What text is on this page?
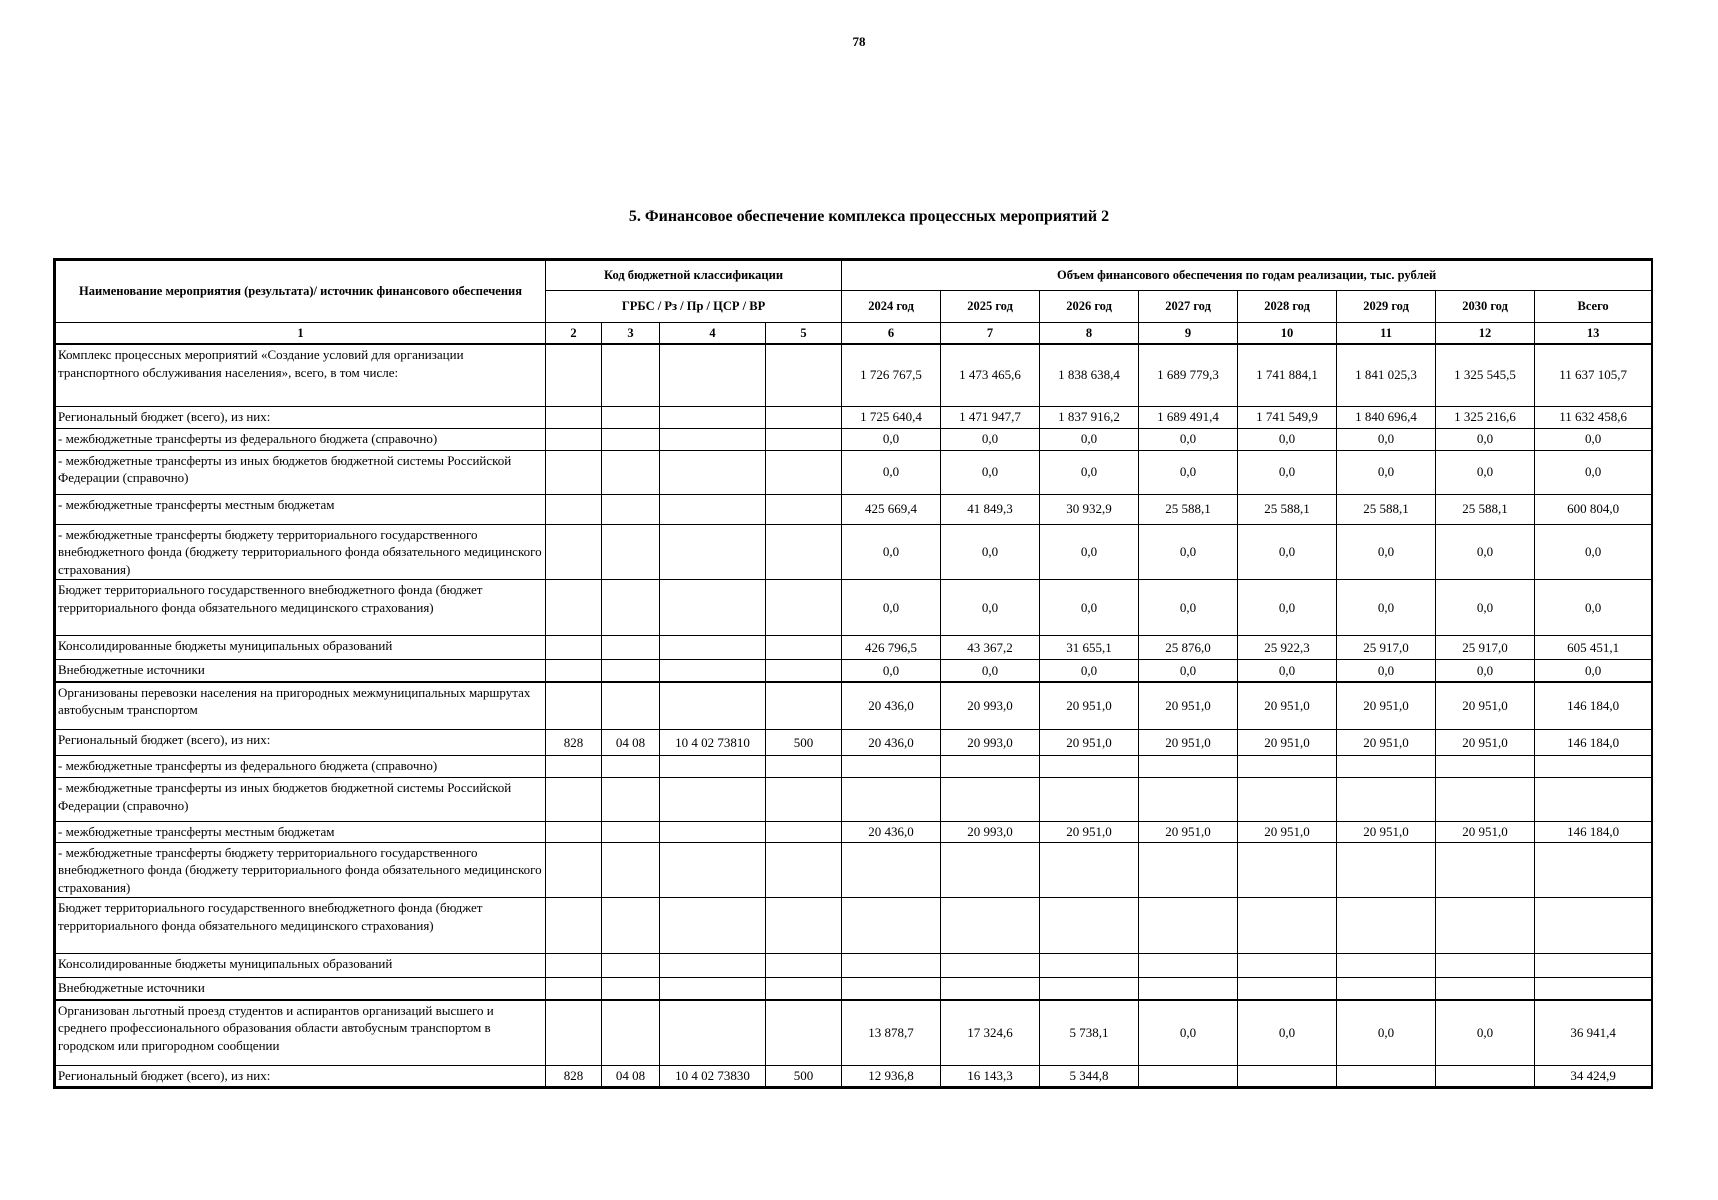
78
5. Финансовое обеспечение комплекса процессных мероприятий 2
Наименование мероприятия (результата)/ источник финансового обеспечения	Код бюджетной классификации				Объем финансового обеспечения по годам реализации, тыс. рублей							
	ГРБС / Рз / Пр / ЦСР / ВР				2024 год	2025 год	2026 год	2027 год	2028 год	2029 год	2030 год	Всего
1	2	3	4	5	6	7	8	9	10	11	12	13
Комплекс процессных мероприятий «Создание условий для организации транспортного обслуживания населения», всего, в том числе:					1 726 767,5	1 473 465,6	1 838 638,4	1 689 779,3	1 741 884,1	1 841 025,3	1 325 545,5	11 637 105,7
Региональный бюджет (всего), из них:					1 725 640,4	1 471 947,7	1 837 916,2	1 689 491,4	1 741 549,9	1 840 696,4	1 325 216,6	11 632 458,6
- межбюджетные трансферты из федерального бюджета (справочно)					0,0	0,0	0,0	0,0	0,0	0,0	0,0	0,0
- межбюджетные трансферты из иных бюджетов бюджетной системы Российской Федерации (справочно)					0,0	0,0	0,0	0,0	0,0	0,0	0,0	0,0
- межбюджетные трансферты местным бюджетам					425 669,4	41 849,3	30 932,9	25 588,1	25 588,1	25 588,1	25 588,1	600 804,0
- межбюджетные трансферты бюджету территориального государственного внебюджетного фонда (бюджету территориального фонда обязательного медицинского страхования)					0,0	0,0	0,0	0,0	0,0	0,0	0,0	0,0
Бюджет территориального государственного внебюджетного фонда (бюджет территориального фонда обязательного медицинского страхования)					0,0	0,0	0,0	0,0	0,0	0,0	0,0	0,0
Консолидированные бюджеты муниципальных образований					426 796,5	43 367,2	31 655,1	25 876,0	25 922,3	25 917,0	25 917,0	605 451,1
Внебюджетные источники					0,0	0,0	0,0	0,0	0,0	0,0	0,0	0,0
Организованы перевозки населения на пригородных межмуниципальных маршрутах автобусным транспортом					20 436,0	20 993,0	20 951,0	20 951,0	20 951,0	20 951,0	20 951,0	146 184,0
Региональный бюджет (всего), из них:	828	04 08	10 4 02 73810	500	20 436,0	20 993,0	20 951,0	20 951,0	20 951,0	20 951,0	20 951,0	146 184,0
- межбюджетные трансферты из федерального бюджета (справочно)												
- межбюджетные трансферты из иных бюджетов бюджетной системы Российской Федерации (справочно)												
- межбюджетные трансферты местным бюджетам					20 436,0	20 993,0	20 951,0	20 951,0	20 951,0	20 951,0	20 951,0	146 184,0
- межбюджетные трансферты бюджету территориального государственного внебюджетного фонда (бюджету территориального фонда обязательного медицинского страхования)												
Бюджет территориального государственного внебюджетного фонда (бюджет территориального фонда обязательного медицинского страхования)												
Консолидированные бюджеты муниципальных образований												
Внебюджетные источники												
Организован льготный проезд студентов и аспирантов организаций высшего и среднего профессионального образования области автобусным транспортом в городском или пригородном сообщении					13 878,7	17 324,6	5 738,1	0,0	0,0	0,0	0,0	36 941,4
Региональный бюджет (всего), из них:	828	04 08	10 4 02 73830	500	12 936,8	16 143,3	5 344,8					34 424,9
